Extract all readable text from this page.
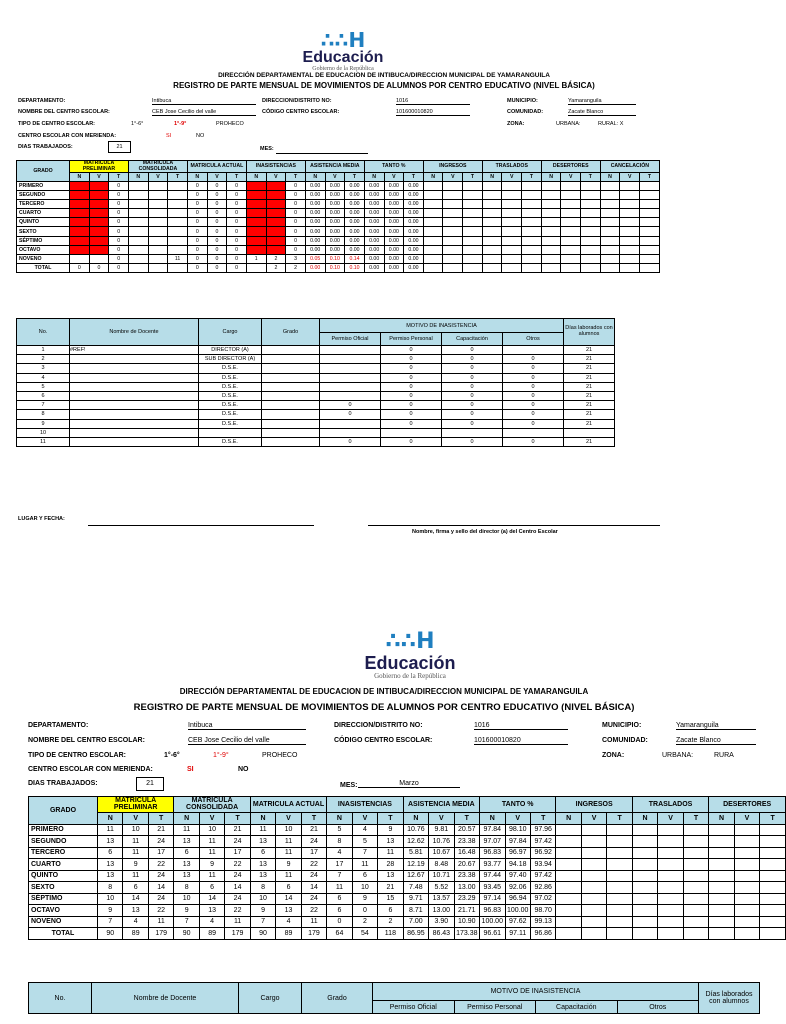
∴∴H
Educación
Gobierno de la República
DIRECCIÓN DEPARTAMENTAL DE EDUCACION DE INTIBUCA/DIRECCION MUNICIPAL DE YAMARANGUILA
REGISTRO DE PARTE MENSUAL DE MOVIMIENTOS DE ALUMNOS POR CENTRO EDUCATIVO (NIVEL BÁSICA)
DEPARTAMENTO:
NOMBRE DEL CENTRO ESCOLAR:
TIPO DE CENTRO ESCOLAR:
CENTRO ESCOLAR CON MERIENDA:
DIAS TRABAJADOS:
Intibuca
CEB Jose Cecilio del valle
1°-6°	1°-9°	PROHECO
SI	NO
21
DIRECCION/DISTRITO NO:
CÓDIGO CENTRO ESCOLAR:
MES:
1016
101600010820
MUNICIPIO:
COMUNIDAD:
ZONA:
Yamaranguila
Zacate Blanco
URBANA:	RURAL: X
GRADO	MATRICULA PRELIMINAR			MATRICULA CONSOLIDADA			MATRICULA ACTUAL			INASISTENCIAS			ASISTENCIA MEDIA			TANTO %			INGRESOS			TRASLADOS			DESERTORES			CANCELACIÓN		
	N	V	T	N	V	T	N	V	T	N	V	T	N	V	T	N	V	T	N	V	T	N	V	T	N	V	T	N	V	T
PRIMERO			0				0	0	0			0	0.00	0.00	0.00	0.00	0.00	0.00												
SEGUNDO			0				0	0	0			0	0.00	0.00	0.00	0.00	0.00	0.00												
TERCERO			0				0	0	0			0	0.00	0.00	0.00	0.00	0.00	0.00												
CUARTO			0				0	0	0			0	0.00	0.00	0.00	0.00	0.00	0.00												
QUINTO			0				0	0	0			0	0.00	0.00	0.00	0.00	0.00	0.00												
SEXTO			0				0	0	0			0	0.00	0.00	0.00	0.00	0.00	0.00												
SÉPTIMO			0				0	0	0			0	0.00	0.00	0.00	0.00	0.00	0.00												
OCTAVO			0				0	0	0			0	0.00	0.00	0.00	0.00	0.00	0.00												
NOVENO			0			11	0	0	0	1	2	3	0.05	0.10	0.14	0.00	0.00	0.00												
TOTAL	0	0	0				0	0	0		2	2	0.00	0.10	0.10	0.00	0.00	0.00												
No.	Nombre de Docente	Cargo	Grado	MOTIVO DE INASISTENCIA				Días laborados con alumnos
				Permiso Oficial	Permiso Personal	Capacitación	Otros	
1	#REF!	DIRECTOR (A)			0	0		21
2		SUB DIRECTOR (A)			0	0	0	21
3		D.S.E.			0	0	0	21
4		D.S.E.			0	0	0	21
5		D.S.E.			0	0	0	21
6		D.S.E.			0	0	0	21
7		D.S.E.		0	0	0	0	21
8		D.S.E.		0	0	0	0	21
9		D.S.E.			0	0	0	21
10								
11		D.S.E.		0	0	0	0	21
LUGAR Y FECHA:
Nombre, firma y sello del director (a) del Centro Escolar
∴∴H
Educación
Gobierno de la República
DIRECCIÓN DEPARTAMENTAL DE EDUCACION DE INTIBUCA/DIRECCION MUNICIPAL DE YAMARANGUILA
REGISTRO DE PARTE MENSUAL DE MOVIMIENTOS DE ALUMNOS POR CENTRO EDUCATIVO (NIVEL BÁSICA)
DEPARTAMENTO:
NOMBRE DEL CENTRO ESCOLAR:
TIPO DE CENTRO ESCOLAR:
CENTRO ESCOLAR CON MERIENDA:
DIAS TRABAJADOS:
Intibuca
CEB Jose Cecilio del valle
1°-6°	1°-9°	PROHECO
SI	NO
21
DIRECCION/DISTRITO NO:
CÓDIGO CENTRO ESCOLAR:
MES:	Marzo
1016
101600010820
MUNICIPIO:
COMUNIDAD:
ZONA:
Yamaranguila
Zacate Blanco
URBANA:	RURA
GRADO	MATRICULA PRELIMINAR			MATRICULA CONSOLIDADA			MATRICULA ACTUAL			INASISTENCIAS			ASISTENCIA MEDIA			TANTO %			INGRESOS			TRASLADOS			DESERTORES		
	N	V	T	N	V	T	N	V	T	N	V	T	N	V	T	N	V	T	N	V	T	N	V	T	N	V	T
PRIMERO	11	10	21	11	10	21	11	10	21	5	4	9	10.76	9.81	20.57	97.84	98.10	97.96									
SEGUNDO	13	11	24	13	11	24	13	11	24	8	5	13	12.62	10.76	23.38	97.07	97.84	97.42									
TERCERO	6	11	17	6	11	17	6	11	17	4	7	11	5.81	10.67	16.48	96.83	96.97	96.92									
CUARTO	13	9	22	13	9	22	13	9	22	17	11	28	12.19	8.48	20.67	93.77	94.18	93.94									
QUINTO	13	11	24	13	11	24	13	11	24	7	6	13	12.67	10.71	23.38	97.44	97.40	97.42									
SEXTO	8	6	14	8	6	14	8	6	14	11	10	21	7.48	5.52	13.00	93.45	92.06	92.86									
SÉPTIMO	10	14	24	10	14	24	10	14	24	6	9	15	9.71	13.57	23.29	97.14	96.94	97.02									
OCTAVO	9	13	22	9	13	22	9	13	22	6	0	6	8.71	13.00	21.71	96.83	100.00	98.70									
NOVENO	7	4	11	7	4	11	7	4	11	0	2	2	7.00	3.90	10.90	100.00	97.62	99.13									
TOTAL	90	89	179	90	89	179	90	89	179	64	54	118	86.95	86.43	173.38	96.61	97.11	96.86									
No.	Nombre de Docente	Cargo	Grado	MOTIVO DE INASISTENCIA				Días laborados con alumnos
				Permiso Oficial	Permiso Personal	Capacitación	Otros	
